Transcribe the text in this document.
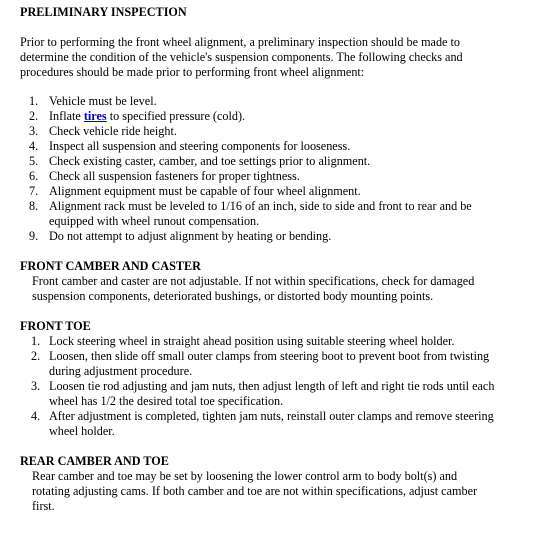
PRELIMINARY INSPECTION

Prior to performing the front wheel alignment, a preliminary inspection should be made to determine the condition of the vehicle's suspension components. The following checks and procedures should be made prior to performing front wheel alignment:

1. Vehicle must be level.
2. Inflate tires to specified pressure (cold).
3. Check vehicle ride height.
4. Inspect all suspension and steering components for looseness.
5. Check existing caster, camber, and toe settings prior to alignment.
6. Check all suspension fasteners for proper tightness.
7. Alignment equipment must be capable of four wheel alignment.
8. Alignment rack must be leveled to 1/16 of an inch, side to side and front to rear and be equipped with wheel runout compensation.
9. Do not attempt to adjust alignment by heating or bending.

FRONT CAMBER AND CASTER

Front camber and caster are not adjustable. If not within specifications, check for damaged suspension components, deteriorated bushings, or distorted body mounting points.

FRONT TOE

1. Lock steering wheel in straight ahead position using suitable steering wheel holder.
2. Loosen, then slide off small outer clamps from steering boot to prevent boot from twisting during adjustment procedure.
3. Loosen tie rod adjusting and jam nuts, then adjust length of left and right tie rods until each wheel has 1/2 the desired total toe specification.
4. After adjustment is completed, tighten jam nuts, reinstall outer clamps and remove steering wheel holder.

REAR CAMBER AND TOE

Rear camber and toe may be set by loosening the lower control arm to body bolt(s) and rotating adjusting cams. If both camber and toe are not within specifications, adjust camber first.
